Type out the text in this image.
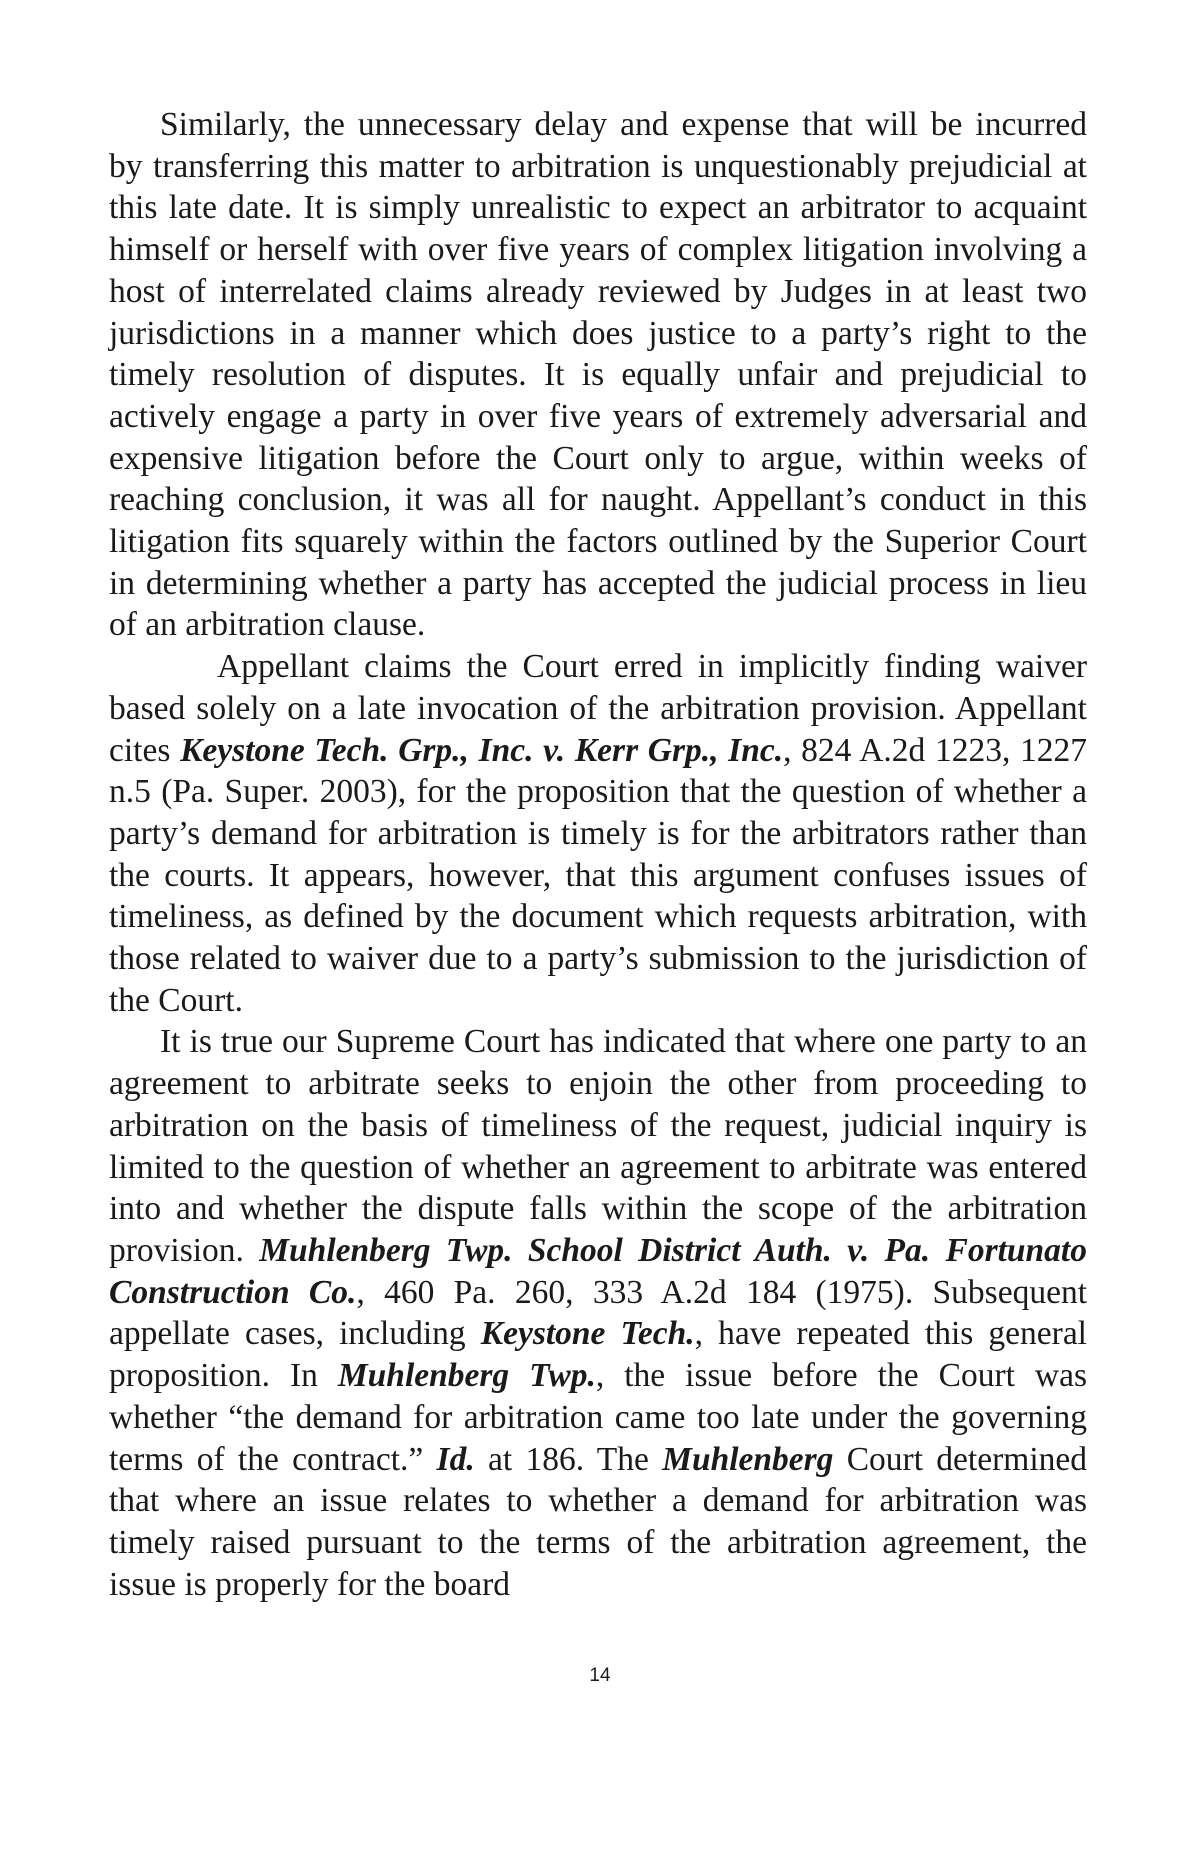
Similarly, the unnecessary delay and expense that will be incurred by transferring this matter to arbitration is unquestionably prejudicial at this late date. It is simply unrealistic to expect an arbitrator to acquaint himself or herself with over five years of complex litigation involving a host of interrelated claims already reviewed by Judges in at least two jurisdictions in a manner which does justice to a party’s right to the timely resolution of disputes. It is equally unfair and prejudicial to actively engage a party in over five years of extremely adversarial and expensive litigation before the Court only to argue, within weeks of reaching conclusion, it was all for naught. Appellant’s conduct in this litigation fits squarely within the factors outlined by the Superior Court in determining whether a party has accepted the judicial process in lieu of an arbitration clause.

Appellant claims the Court erred in implicitly finding waiver based solely on a late invocation of the arbitration provision. Appellant cites Keystone Tech. Grp., Inc. v. Kerr Grp., Inc., 824 A.2d 1223, 1227 n.5 (Pa. Super. 2003), for the proposition that the question of whether a party’s demand for arbitration is timely is for the arbitrators rather than the courts. It appears, however, that this argument confuses issues of timeliness, as defined by the document which requests arbitration, with those related to waiver due to a party’s submission to the jurisdiction of the Court.

It is true our Supreme Court has indicated that where one party to an agreement to arbitrate seeks to enjoin the other from proceeding to arbitration on the basis of timeliness of the request, judicial inquiry is limited to the question of whether an agreement to arbitrate was entered into and whether the dispute falls within the scope of the arbitration provision. Muhlenberg Twp. School District Auth. v. Pa. Fortunato Construction Co., 460 Pa. 260, 333 A.2d 184 (1975). Subsequent appellate cases, including Keystone Tech., have repeated this general proposition. In Muhlenberg Twp., the issue before the Court was whether “the demand for arbitration came too late under the governing terms of the contract.” Id. at 186. The Muhlenberg Court determined that where an issue relates to whether a demand for arbitration was timely raised pursuant to the terms of the arbitration agreement, the issue is properly for the board

14
